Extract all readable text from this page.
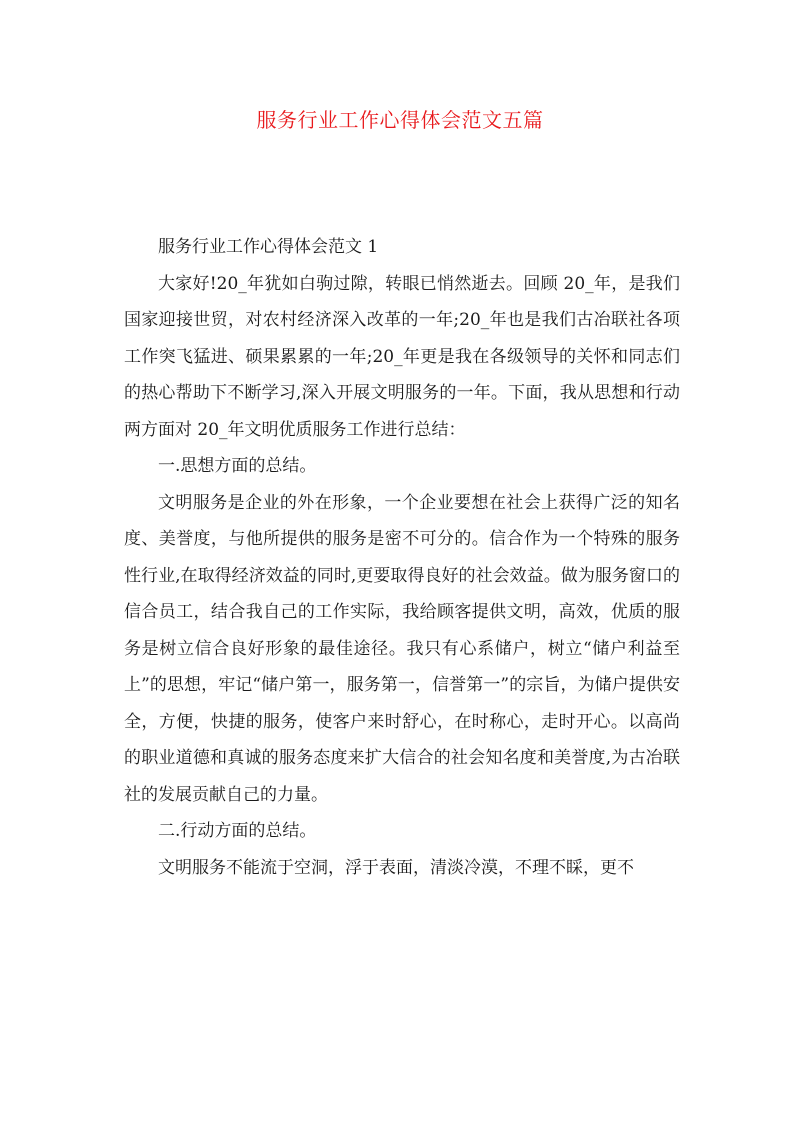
服务行业工作心得体会范文五篇

服务行业工作心得体会范文 1

大家好!20_年犹如白驹过隙，转眼已悄然逝去。回顾 20_年，是我们国家迎接世贸，对农村经济深入改革的一年;20_年也是我们古冶联社各项工作突飞猛进、硕果累累的一年;20_年更是我在各级领导的关怀和同志们的热心帮助下不断学习,深入开展文明服务的一年。下面，我从思想和行动两方面对 20_年文明优质服务工作进行总结：

一.思想方面的总结。

文明服务是企业的外在形象，一个企业要想在社会上获得广泛的知名度、美誉度，与他所提供的服务是密不可分的。信合作为一个特殊的服务性行业,在取得经济效益的同时,更要取得良好的社会效益。做为服务窗口的信合员工，结合我自己的工作实际，我给顾客提供文明，高效，优质的服务是树立信合良好形象的最佳途径。我只有心系储户，树立“储户利益至上”的思想，牢记“储户第一，服务第一，信誉第一”的宗旨，为储户提供安全，方便，快捷的服务，使客户来时舒心，在时称心，走时开心。以高尚的职业道德和真诚的服务态度来扩大信合的社会知名度和美誉度,为古冶联社的发展贡献自己的力量。

二.行动方面的总结。

文明服务不能流于空洞，浮于表面，清淡冷漠，不理不睬，更不
